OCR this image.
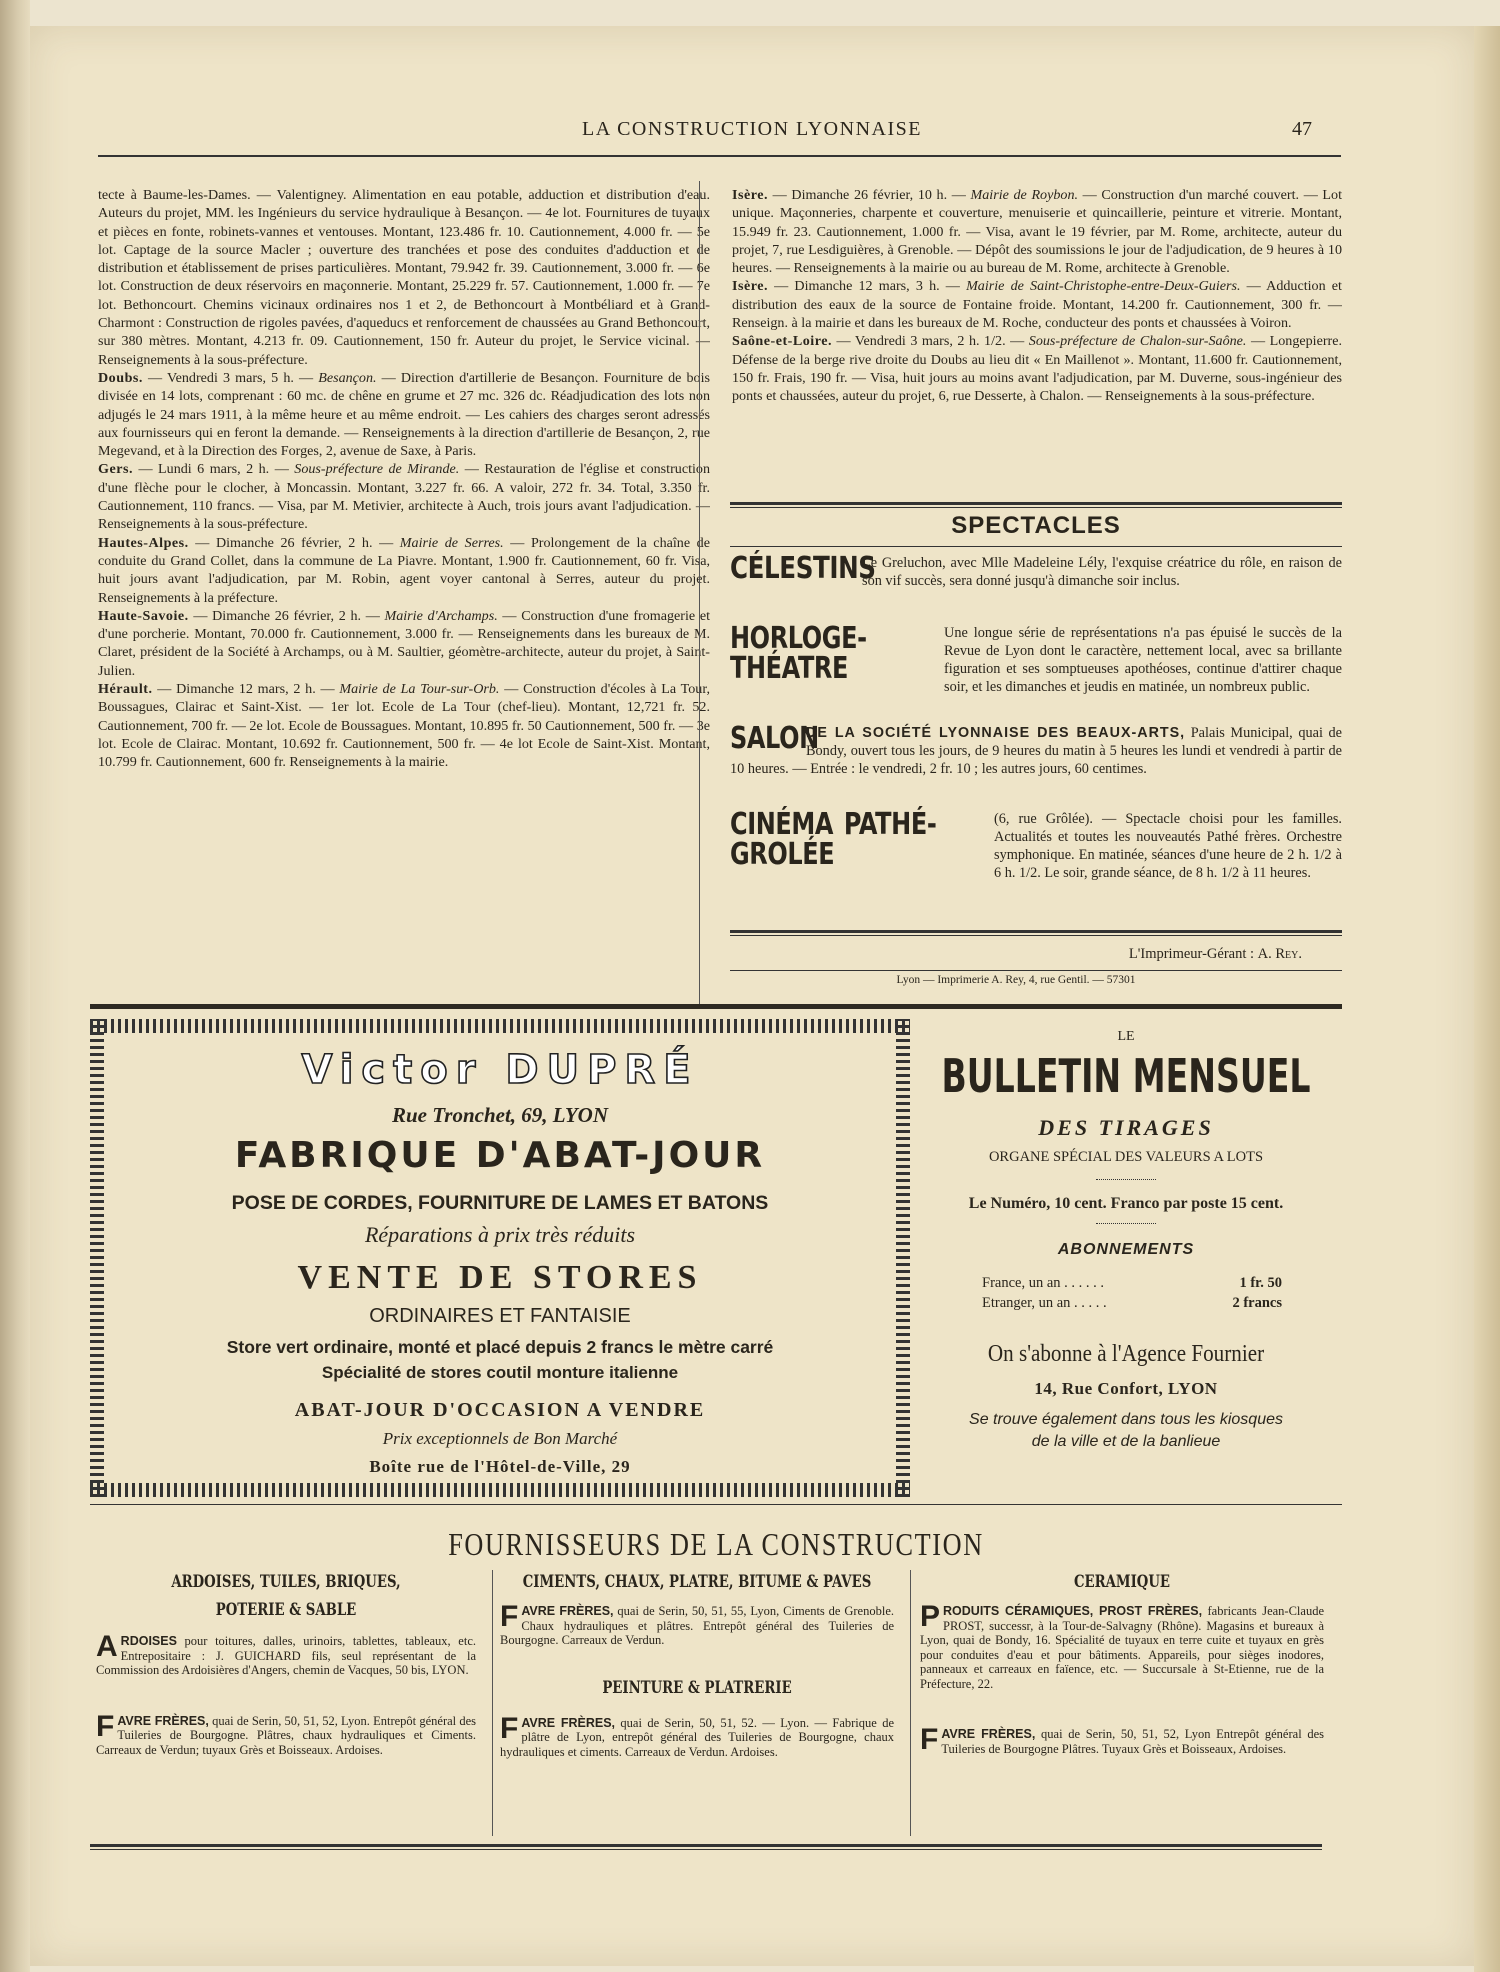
LA CONSTRUCTION LYONNAISE	47

tecte à Baume-les-Dames. — Valentigney. Alimentation en eau potable, adduction et distribution d'eau. Auteurs du projet, MM. les Ingénieurs du service hydraulique à Besançon. — 4e lot. Fournitures de tuyaux et pièces en fonte, robinets-vannes et ventouses. Montant, 123.486 fr. 10. Cautionnement, 4.000 fr. — 5e lot. Captage de la source Macler ; ouverture des tranchées et pose des conduites d'adduction et de distribution et établissement de prises particulières. Montant, 79.942 fr. 39. Cautionnement, 3.000 fr. — 6e lot. Construction de deux réservoirs en maçonnerie. Montant, 25.229 fr. 57. Cautionnement, 1.000 fr. — 7e lot. Bethoncourt. Chemins vicinaux ordinaires nos 1 et 2, de Bethoncourt à Montbéliard et à Grand-Charmont : Construction de rigoles pavées, d'aqueducs et renforcement de chaussées au Grand Bethoncourt, sur 380 mètres. Montant, 4.213 fr. 09. Cautionnement, 150 fr. Auteur du projet, le Service vicinal. — Renseignements à la sous-préfecture.

Doubs. — Vendredi 3 mars, 5 h. — Besançon. — Direction d'artillerie de Besançon. Fourniture de bois divisée en 14 lots, comprenant : 60 mc. de chêne en grume et 27 mc. 326 dc. Réadjudication des lots non adjugés le 24 mars 1911, à la même heure et au même endroit. — Les cahiers des charges seront adressés aux fournisseurs qui en feront la demande. — Renseignements à la direction d'artillerie de Besançon, 2, rue Megevand, et à la Direction des Forges, 2, avenue de Saxe, à Paris.

Gers. — Lundi 6 mars, 2 h. — Sous-préfecture de Mirande. — Restauration de l'église et construction d'une flèche pour le clocher, à Moncassin. Montant, 3.227 fr. 66. A valoir, 272 fr. 34. Total, 3.350 fr. Cautionnement, 110 francs. — Visa, par M. Metivier, architecte à Auch, trois jours avant l'adjudication. — Renseignements à la sous-préfecture.

Hautes-Alpes. — Dimanche 26 février, 2 h. — Mairie de Serres. — Prolongement de la chaîne de conduite du Grand Collet, dans la commune de La Piavre. Montant, 1.900 fr. Cautionnement, 60 fr. Visa, huit jours avant l'adjudication, par M. Robin, agent voyer cantonal à Serres, auteur du projet. Renseignements à la préfecture.

Haute-Savoie. — Dimanche 26 février, 2 h. — Mairie d'Archamps. — Construction d'une fromagerie et d'une porcherie. Montant, 70.000 fr. Cautionnement, 3.000 fr. — Renseignements dans les bureaux de M. Claret, président de la Société à Archamps, ou à M. Saultier, géomètre-architecte, auteur du projet, à Saint-Julien.

Hérault. — Dimanche 12 mars, 2 h. — Mairie de La Tour-sur-Orb. — Construction d'écoles à La Tour, Boussagues, Clairac et Saint-Xist. — 1er lot. Ecole de La Tour (chef-lieu). Montant, 12,721 fr. 52. Cautionnement, 700 fr. — 2e lot. Ecole de Boussagues. Montant, 10.895 fr. 50 Cautionnement, 500 fr. — 3e lot. Ecole de Clairac. Montant, 10.692 fr. Cautionnement, 500 fr. — 4e lot Ecole de Saint-Xist. Montant, 10.799 fr. Cautionnement, 600 fr. Renseignements à la mairie.

Isère. — Dimanche 26 février, 10 h. — Mairie de Roybon. — Construction d'un marché couvert. — Lot unique. Maçonneries, charpente et couverture, menuiserie et quincaillerie, peinture et vitrerie. Montant, 15.949 fr. 23. Cautionnement, 1.000 fr. — Visa, avant le 19 février, par M. Rome, architecte, auteur du projet, 7, rue Lesdiguières, à Grenoble. — Dépôt des soumissions le jour de l'adjudication, de 9 heures à 10 heures. — Renseignements à la mairie ou au bureau de M. Rome, architecte à Grenoble.

Isère. — Dimanche 12 mars, 3 h. — Mairie de Saint-Christophe-entre-Deux-Guiers. — Adduction et distribution des eaux de la source de Fontaine froide. Montant, 14.200 fr. Cautionnement, 300 fr. — Renseign. à la mairie et dans les bureaux de M. Roche, conducteur des ponts et chaussées à Voiron.

Saône-et-Loire. — Vendredi 3 mars, 2 h. 1/2. — Sous-préfecture de Chalon-sur-Saône. — Longepierre. Défense de la berge rive droite du Doubs au lieu dit « En Maillenot ». Montant, 11.600 fr. Cautionnement, 150 fr. Frais, 190 fr. — Visa, huit jours au moins avant l'adjudication, par M. Duverne, sous-ingénieur des ponts et chaussées, auteur du projet, 6, rue Desserte, à Chalon. — Renseignements à la sous-préfecture.

SPECTACLES

CÉLESTINS
Le Greluchon, avec Mlle Madeleine Lély, l'exquise créatrice du rôle, en raison de son vif succès, sera donné jusqu'à dimanche soir inclus.

HORLOGE-THÉATRE
Une longue série de représentations n'a pas épuisé le succès de la Revue de Lyon dont le caractère, nettement local, avec sa brillante figuration et ses somptueuses apothéoses, continue d'attirer chaque soir, et les dimanches et jeudis en matinée, un nombreux public.

SALON
DE LA SOCIÉTÉ LYONNAISE DES BEAUX-ARTS, Palais Municipal, quai de Bondy, ouvert tous les jours, de 9 heures du matin à 5 heures les lundi et vendredi à partir de 10 heures. — Entrée : le vendredi, 2 fr. 10 ; les autres jours, 60 centimes.

CINÉMA PATHÉ-GROLÉE
(6, rue Grôlée). — Spectacle choisi pour les familles. Actualités et toutes les nouveautés Pathé frères. Orchestre symphonique. En matinée, séances d'une heure de 2 h. 1/2 à 6 h. 1/2. Le soir, grande séance, de 8 h. 1/2 à 11 heures.

L'Imprimeur-Gérant : A. Rey.
Lyon — Imprimerie A. Rey, 4, rue Gentil. — 57301
Victor DUPRÉ
Rue Tronchet, 69, LYON
FABRIQUE D'ABAT-JOUR
POSE DE CORDES, FOURNITURE DE LAMES ET BATONS
Réparations à prix très réduits
VENTE DE STORES
ORDINAIRES ET FANTAISIE
Store vert ordinaire, monté et placé depuis 2 francs le mètre carré
Spécialité de stores coutil monture italienne
ABAT-JOUR D'OCCASION A VENDRE
Prix exceptionnels de Bon Marché
Boîte rue de l'Hôtel-de-Ville, 29
LE
BULLETIN MENSUEL
DES TIRAGES
ORGANE SPÉCIAL DES VALEURS A LOTS
Le Numéro, 10 cent. Franco par poste 15 cent.
ABONNEMENTS
France, un an . . . . . .	1 fr. 50
Etranger, un an . . . . .	2 francs
On s'abonne à l'Agence Fournier
14, Rue Confort, LYON
Se trouve également dans tous les kiosques
de la ville et de la banlieue
FOURNISSEURS DE LA CONSTRUCTION
ARDOISES, TUILES, BRIQUES,
POTERIE & SABLE
ARDOISES pour toitures, dalles, urinoirs, tablettes, tableaux, etc. Entrepositaire : J. GUICHARD fils, seul représentant de la Commission des Ardoisières d'Angers, chemin de Vacques, 50 bis, LYON.
FAVRE FRÈRES, quai de Serin, 50, 51, 52, Lyon. Entrepôt général des Tuileries de Bourgogne. Plâtres, chaux hydrauliques et Ciments. Carreaux de Verdun; tuyaux Grès et Boisseaux. Ardoises.
CIMENTS, CHAUX, PLATRE, BITUME & PAVES
FAVRE FRÈRES, quai de Serin, 50, 51, 55, Lyon, Ciments de Grenoble. Chaux hydrauliques et plâtres. Entrepôt général des Tuileries de Bourgogne. Carreaux de Verdun.
PEINTURE & PLATRERIE
FAVRE FRÈRES, quai de Serin, 50, 51, 52. — Lyon. — Fabrique de plâtre de Lyon, entrepôt général des Tuileries de Bourgogne, chaux hydrauliques et ciments. Carreaux de Verdun. Ardoises.
CERAMIQUE
PRODUITS CÉRAMIQUES, PROST FRÈRES, fabricants Jean-Claude PROST, successr, à la Tour-de-Salvagny (Rhône). Magasins et bureaux à Lyon, quai de Bondy, 16. Spécialité de tuyaux en terre cuite et tuyaux en grès pour conduites d'eau et pour bâtiments. Appareils, pour sièges inodores, panneaux et carreaux en faïence, etc. — Succursale à St-Etienne, rue de la Préfecture, 22.
FAVRE FRÈRES, quai de Serin, 50, 51, 52, Lyon Entrepôt général des Tuileries de Bourgogne Plâtres. Tuyaux Grès et Boisseaux, Ardoises.
